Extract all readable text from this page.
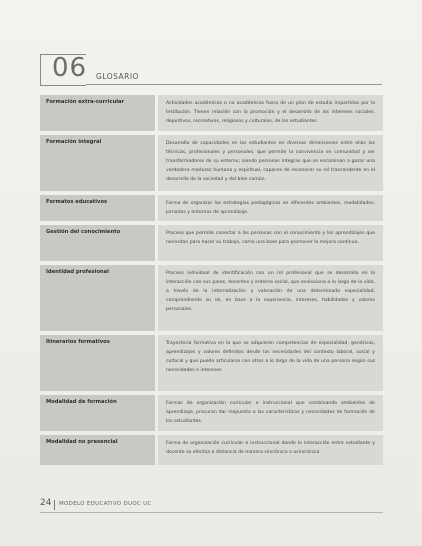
06 GLOSARIO
Formación extra-curricular	Actividades académicas o no académicas fuera de un plan de estudio impartidas por la Institución. Tienen relación con la promoción y el desarrollo de los intereses sociales, deportivos, recreativos, religiosos y culturales, de los estudiantes.
Formación integral	Desarrollo de capacidades en los estudiantes en diversas dimensiones entre ellas las técnicas, profesionales y personales, que permite la convivencia en comunidad y ser transformadores de su entorno; siendo personas íntegras que se encaminan a gozar una verdadera madurez humana y espiritual, capaces de reconocer su rol trascendente en el desarrollo de la sociedad y del bien común.
Formatos educativos	Forma de organizar las estrategias pedagógicas en diferentes ambientes, modalidades, jornadas y entornos de aprendizaje.
Gestión del conocimiento	Proceso que permite conectar a las personas con el conocimiento y los aprendizajes que necesitan para hacer su trabajo, como una base para promover la mejora continua.
Identidad profesional	Proceso individual de identificación con un rol profesional que se desarrolla en la interacción con sus pares, docentes y entorno social, que evoluciona a lo largo de la vida, a través de la internalización y valoración de una determinada especialidad, comprendiendo su rol, en base a la experiencia, intereses, habilidades y valores personales.
Itinerarios formativos	Trayectoria formativa en la que se adquieren competencias de especialidad, genéricas, aprendizajes y valores definidos desde las necesidades del contexto laboral, social y cultural y que puede articularse con otros a lo largo de la vida de una persona según sus necesidades e intereses.
Modalidad de formación	Formas de organización curricular e instruccional que combinando ambientes de aprendizaje, procuran dar respuesta a las características y necesidades de formación de los estudiantes.
Modalidad no presencial	Forma de organización curricular e instruccional donde la interacción entre estudiante y docente se efectúa a distancia de manera sincrónica o asincrónica.
24 MODELO EDUCATIVO DUOC UC
